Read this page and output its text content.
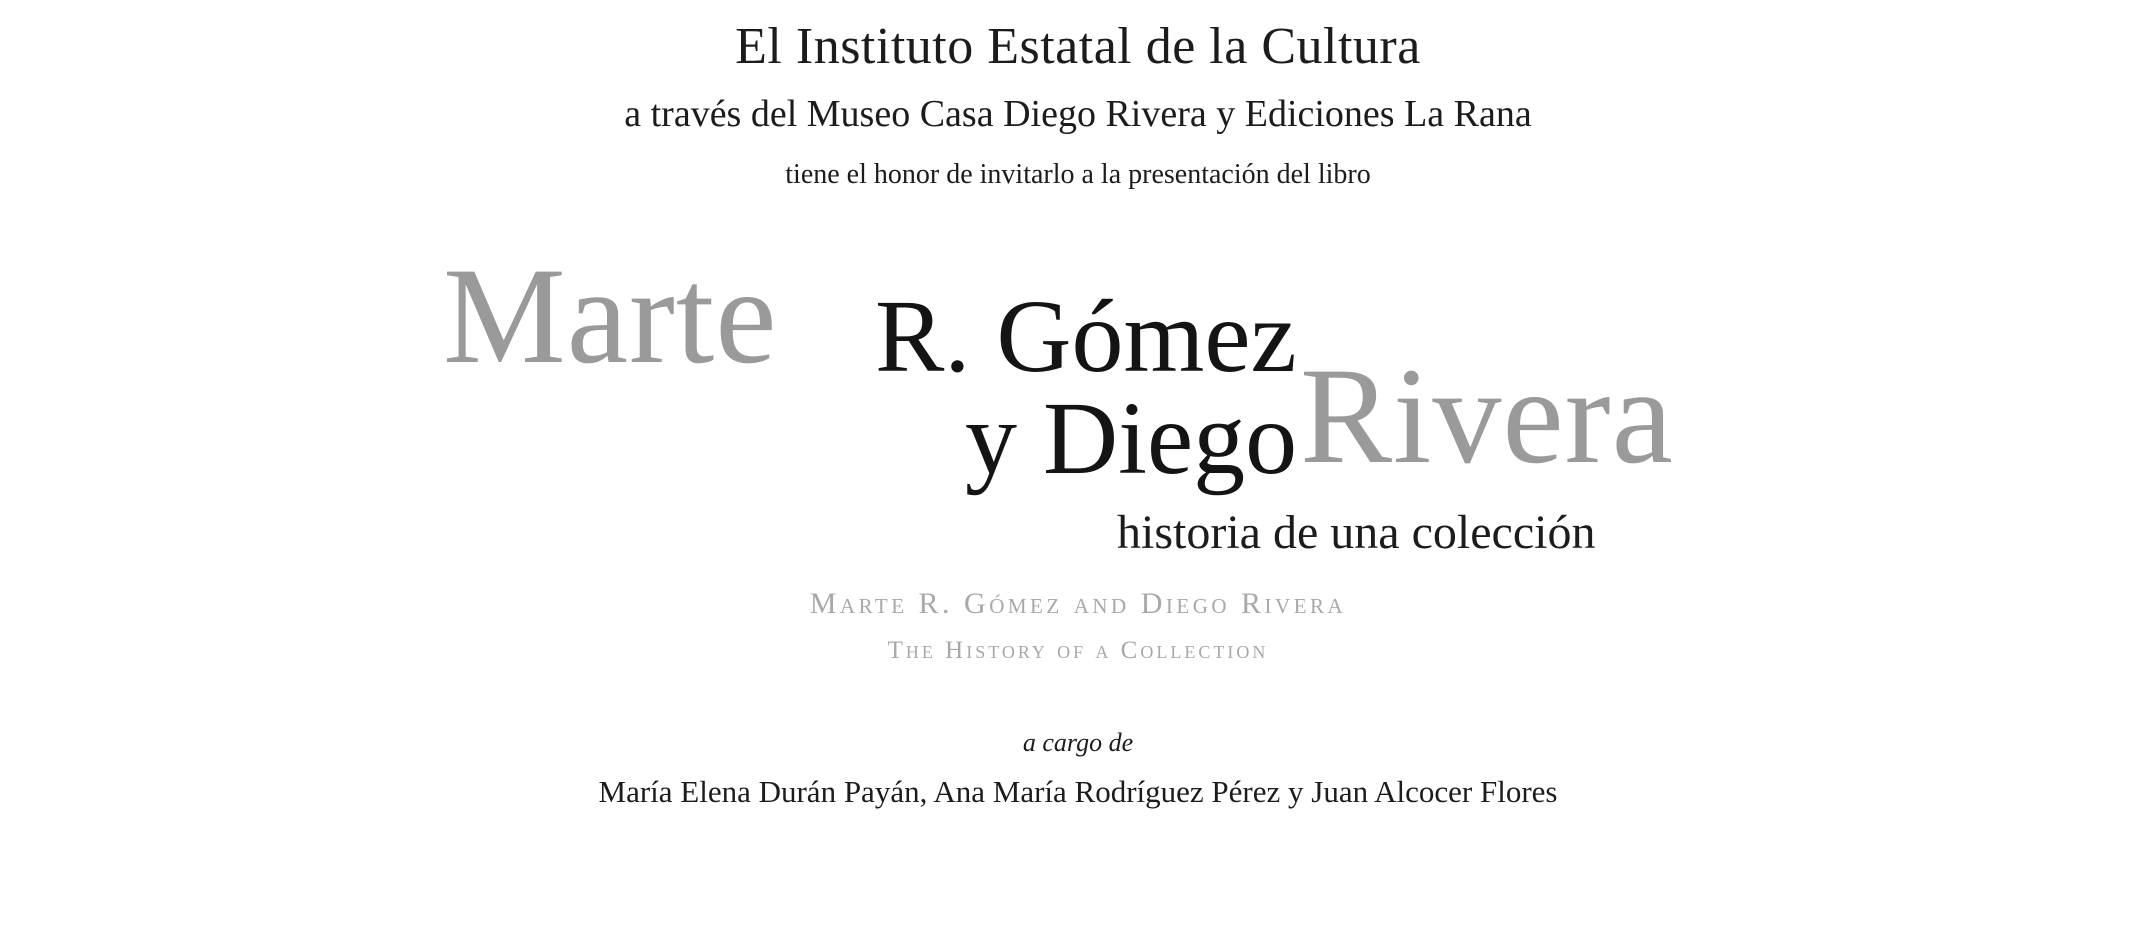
El Instituto Estatal de la Cultura
a través del Museo Casa Diego Rivera y Ediciones La Rana
tiene el honor de invitarlo a la presentación del libro
Marte R. Gómez
y Diego Rivera
historia de una colección
Marte R. Gómez and Diego Rivera
The History of a Collection
a cargo de
María Elena Durán Payán, Ana María Rodríguez Pérez y Juan Alcocer Flores
